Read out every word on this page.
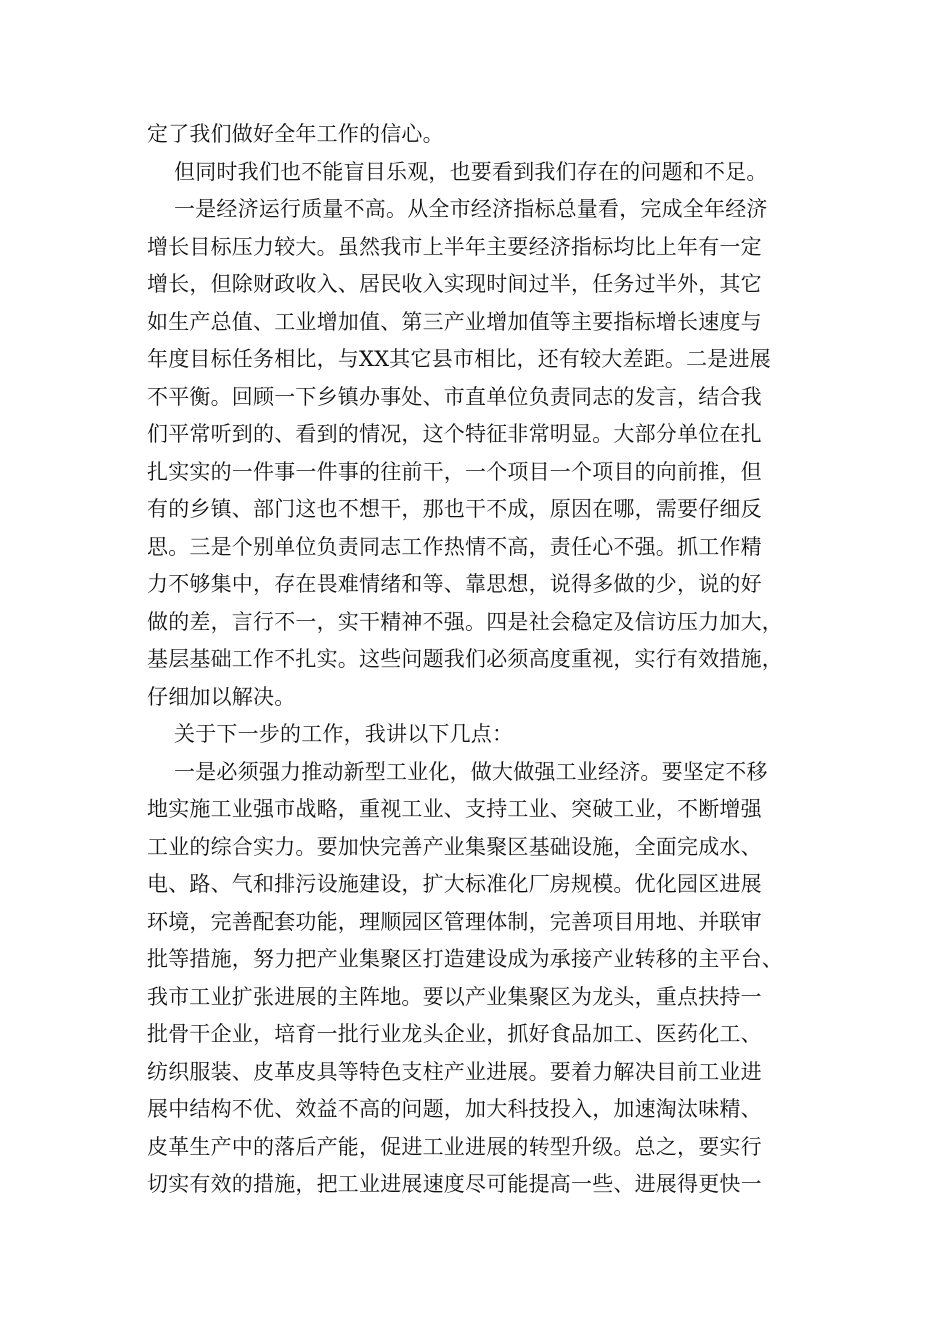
定了我们做好全年工作的信心。
但同时我们也不能盲目乐观，也要看到我们存在的问题和不足。
一是经济运行质量不高。从全市经济指标总量看，完成全年经济
增长目标压力较大。虽然我市上半年主要经济指标均比上年有一定
增长，但除财政收入、居民收入实现时间过半，任务过半外，其它
如生产总值、工业增加值、第三产业增加值等主要指标增长速度与
年度目标任务相比，与XX其它县市相比，还有较大差距。二是进展
不平衡。回顾一下乡镇办事处、市直单位负责同志的发言，结合我
们平常听到的、看到的情况，这个特征非常明显。大部分单位在扎
扎实实的一件事一件事的往前干，一个项目一个项目的向前推，但
有的乡镇、部门这也不想干，那也干不成，原因在哪，需要仔细反
思。三是个别单位负责同志工作热情不高，责任心不强。抓工作精
力不够集中，存在畏难情绪和等、靠思想，说得多做的少，说的好
做的差，言行不一，实干精神不强。四是社会稳定及信访压力加大，
基层基础工作不扎实。这些问题我们必须高度重视，实行有效措施，
仔细加以解决。
关于下一步的工作，我讲以下几点：
一是必须强力推动新型工业化，做大做强工业经济。要坚定不移
地实施工业强市战略，重视工业、支持工业、突破工业，不断增强
工业的综合实力。要加快完善产业集聚区基础设施，全面完成水、
电、路、气和排污设施建设，扩大标准化厂房规模。优化园区进展
环境，完善配套功能，理顺园区管理体制，完善项目用地、并联审
批等措施，努力把产业集聚区打造建设成为承接产业转移的主平台、
我市工业扩张进展的主阵地。要以产业集聚区为龙头，重点扶持一
批骨干企业，培育一批行业龙头企业，抓好食品加工、医药化工、
纺织服装、皮革皮具等特色支柱产业进展。要着力解决目前工业进
展中结构不优、效益不高的问题，加大科技投入，加速淘汰味精、
皮革生产中的落后产能，促进工业进展的转型升级。总之，要实行
切实有效的措施，把工业进展速度尽可能提高一些、进展得更快一
